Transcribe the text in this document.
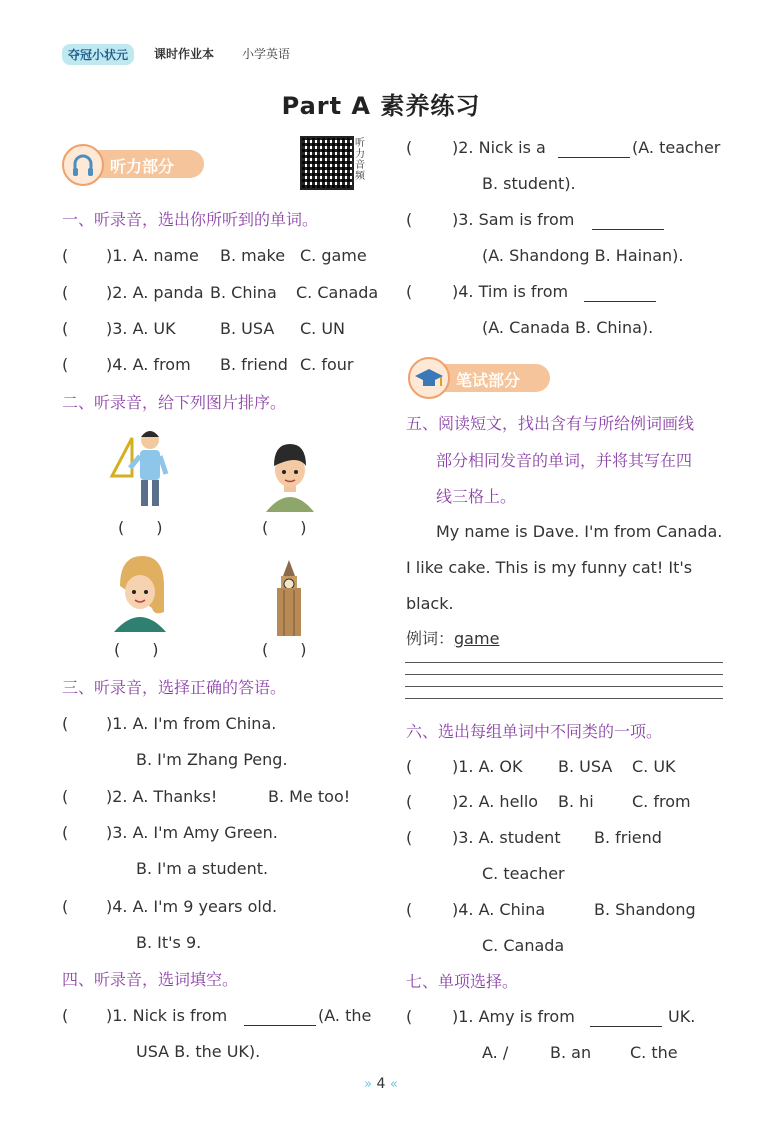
夺冠小状元	课时作业本 小学英语
Part A 素养练习
听力部分
听
力
音
频
一、听录音，选出你所听到的单词。
( )1. A. name B. make C. game
( )2. A. panda B. China C. Canada
( )3. A. UK	B. USA C. UN
( )4. A. from B. friend C. four
二、听录音，给下列图片排序。
(　　)	(　　)
(　　)	(　　)
三、听录音，选择正确的答语。
( )1. A. I'm from China.
B. I'm Zhang Peng.
( )2. A. Thanks!	B. Me too!
( )3. A. I'm Amy Green.
B. I'm a student.
( )4. A. I'm 9 years old.
B. It's 9.
四、听录音，选词填空。
( )1. Nick is from	(A. the
USA B. the UK).
( )2. Nick is a	(A. teacher
B. student).
( )3. Sam is from
(A. Shandong B. Hainan).
( )4. Tim is from
(A. Canada B. China).
笔试部分
五、阅读短文，找出含有与所给例词画线
部分相同发音的单词，并将其写在四
线三格上。
My name is Dave. I'm from Canada.
I like cake. This is my funny cat! It's
black.
例词：game
六、选出每组单词中不同类的一项。
( )1. A. OK B. USA C. UK
( )2. A. hello B. hi C. from
( )3. A. student B. friend
C. teacher
( )4. A. China	B. Shandong
C. Canada
七、单项选择。
( )1. Amy is from	UK.
A. /	B. an C. the
» 4 «
